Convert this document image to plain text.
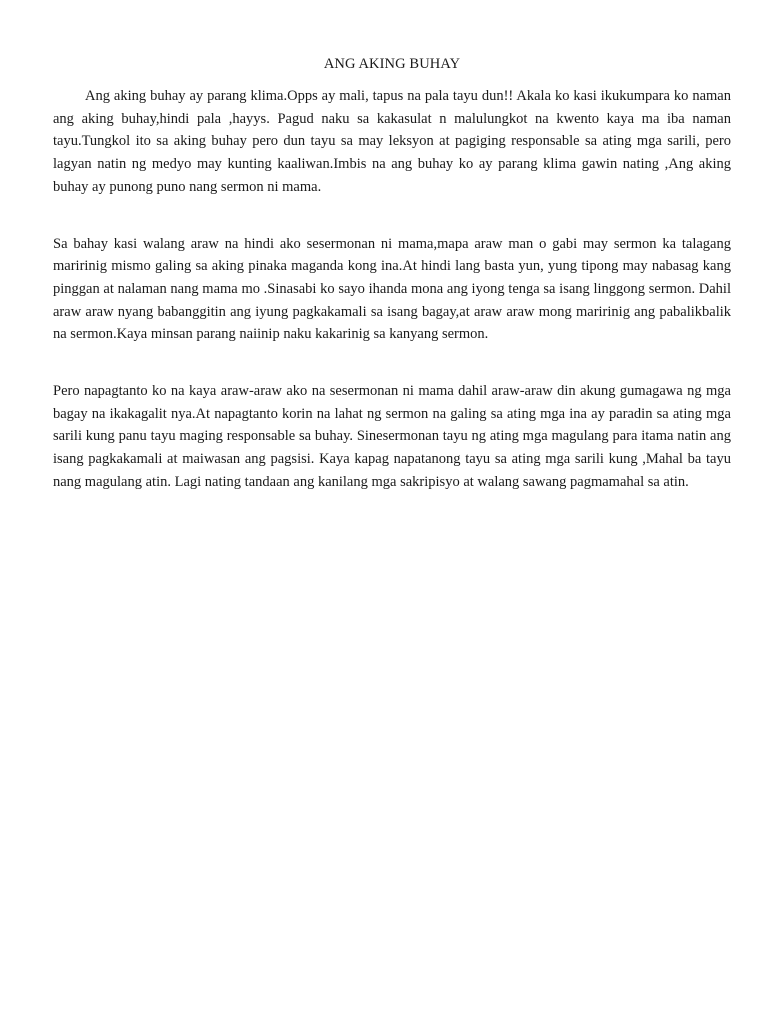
ANG AKING BUHAY

Ang aking buhay ay parang klima.Opps ay mali, tapus na pala tayu dun!! Akala ko kasi ikukumpara ko naman ang aking buhay,hindi pala ,hayys. Pagud naku sa kakasulat n malulungkot na kwento kaya ma iba naman tayu.Tungkol ito sa aking buhay pero dun tayu sa may leksyon at pagiging responsable sa ating mga sarili, pero lagyan natin ng medyo may kunting kaaliwan.Imbis na ang buhay ko ay parang klima gawin nating ,Ang aking buhay ay punong puno nang sermon ni mama.

Sa bahay kasi walang araw na hindi ako sesermonan ni mama,mapa araw man o gabi may sermon ka talagang maririnig mismo galing sa aking pinaka maganda kong ina.At hindi lang basta yun, yung tipong may nabasag kang pinggan at nalaman nang mama mo .Sinasabi ko sayo ihanda mona ang iyong tenga sa isang linggong sermon. Dahil araw araw nyang babanggitin ang iyung pagkakamali sa isang bagay,at araw araw mong maririnig ang pabalikbalik na sermon.Kaya minsan parang naiinip naku kakarinig sa kanyang sermon.

Pero napagtanto ko na kaya araw-araw ako na sesermonan ni mama dahil araw-araw din akung gumagawa ng mga bagay na ikakagalit nya.At napagtanto korin na lahat ng sermon na galing sa ating mga ina ay paradin sa ating mga sarili kung panu tayu maging responsable sa buhay. Sinesermonan tayu ng ating mga magulang para itama natin ang isang pagkakamali at maiwasan ang pagsisi. Kaya kapag napatanong tayu sa ating mga sarili kung ,Mahal ba tayu nang magulang atin. Lagi nating tandaan ang kanilang mga sakripisyo at walang sawang pagmamahal sa atin.
